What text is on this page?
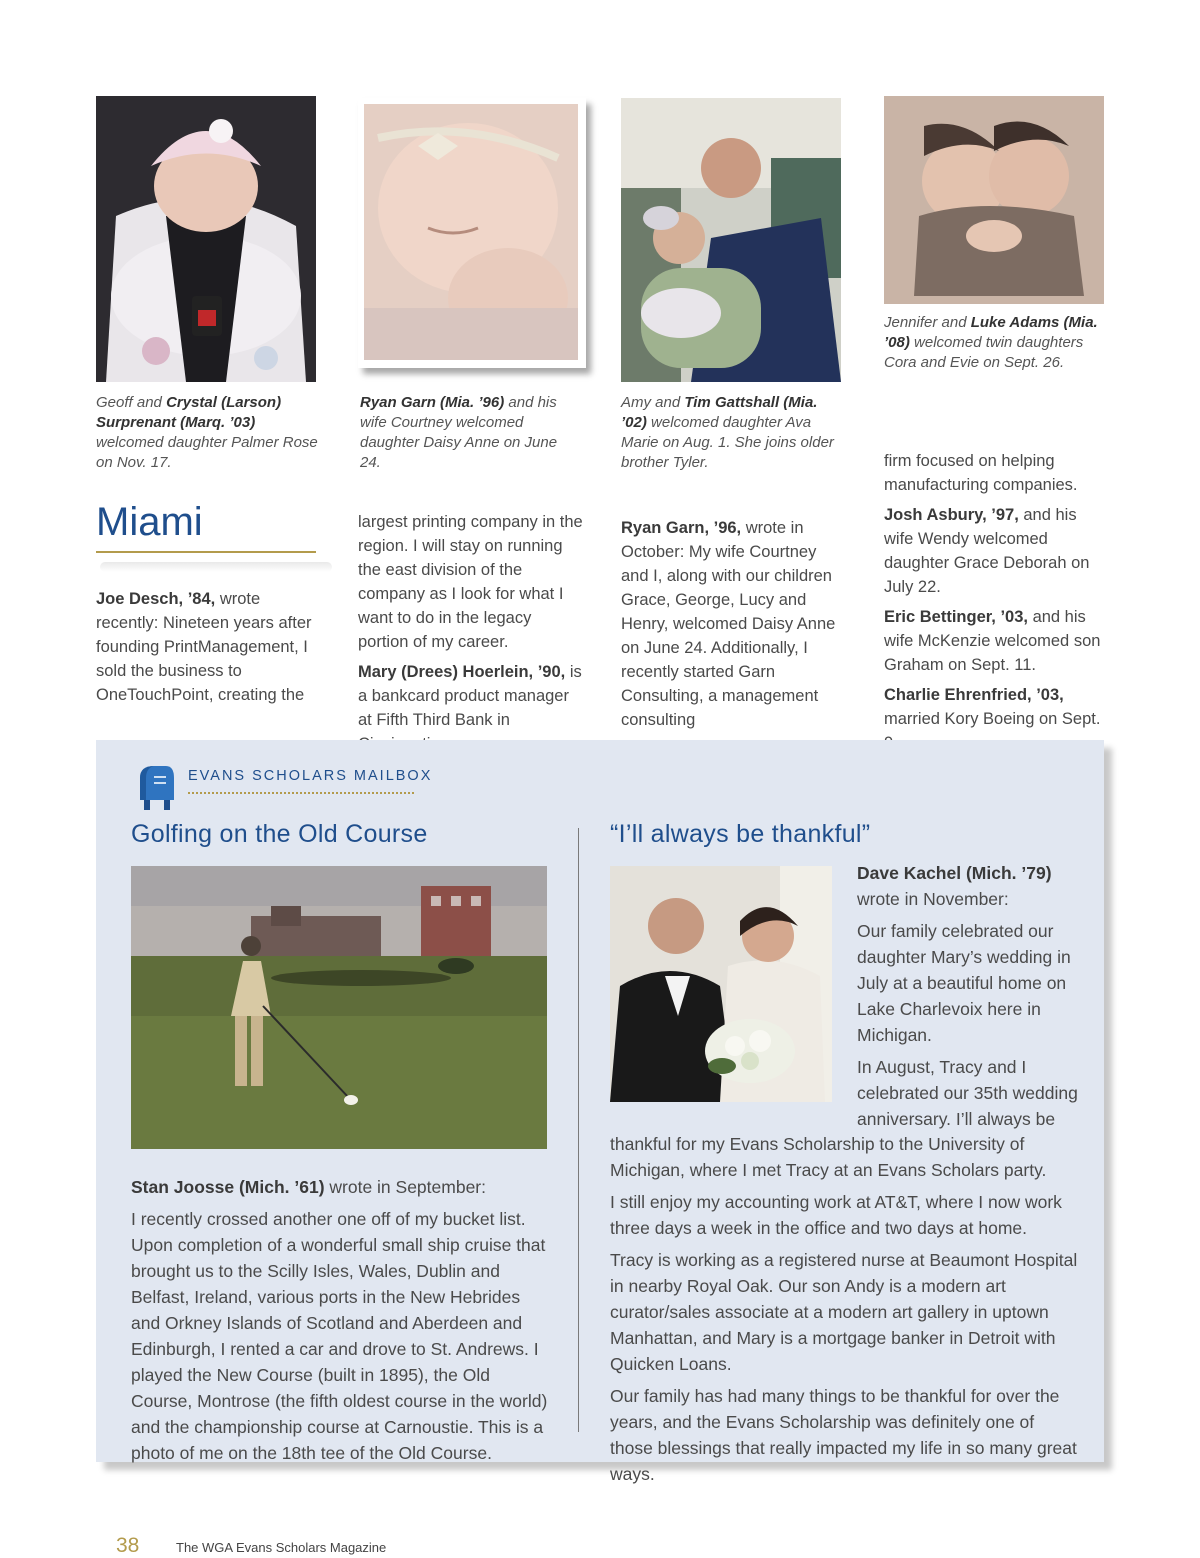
Geoff and Crystal (Larson) Surprenant (Marq. ’03) welcomed daughter Palmer Rose on Nov. 17.
Ryan Garn (Mia. ’96) and his wife Courtney welcomed daughter Daisy Anne on June 24.
Amy and Tim Gattshall (Mia. ’02) welcomed daughter Ava Marie on Aug. 1. She joins older brother Tyler.
Jennifer and Luke Adams (Mia. ’08) welcomed twin daughters Cora and Evie on Sept. 26.
Miami

Joe Desch, ’84, wrote recently: Nineteen years after founding PrintManagement, I sold the business to OneTouchPoint, creating the

largest printing company in the region. I will stay on running the east division of the company as I look for what I want to do in the legacy portion of my career.

Mary (Drees) Hoerlein, ’90, is a bankcard product manager at Fifth Third Bank in

Ryan Garn, ’96, wrote in October: My wife Courtney and I, along with our children Grace, George, Lucy and Henry, welcomed Daisy Anne on June 24. Additionally, I recently started Garn Consulting, a management consulting

firm focused on helping manufacturing companies.

Josh Asbury, ’97, and his wife Wendy welcomed daughter Grace Deborah on July 22.

Eric Bettinger, ’03, and his wife McKenzie welcomed son Graham on Sept. 11.

Charlie Ehrenfried, ’03, married Kory Boeing on Sept.

EVANS SCHOLARS MAILBOX
Golfing on the Old Course	“I’ll always be thankful”

Stan Joosse (Mich. ’61) wrote in September:

I recently crossed another one off of my bucket list. Upon completion of a wonderful small ship cruise that brought us to the Scilly Isles, Wales, Dublin and Belfast, Ireland, various ports in the New Hebrides and Orkney Islands of Scotland and Aberdeen and Edinburgh, I rented a car and drove to St. Andrews. I played the New Course (built in 1895), the Old Course, Montrose (the fifth oldest course in the world) and the championship course at Carnoustie. This is a photo of me on the 18th tee of the Old Course.

Dave Kachel (Mich. ’79) wrote in November:

Our family celebrated our daughter Mary’s wedding in July at a beautiful home on Lake Charlevoix here in Michigan.

In August, Tracy and I celebrated our 35th wedding anniversary. I’ll always be

thankful for my Evans Scholarship to the University of Michigan, where I met Tracy at an Evans Scholars party.

I still enjoy my accounting work at AT&T, where I now work three days a week in the office and two days at home.

Tracy is working as a registered nurse at Beaumont Hospital in nearby Royal Oak. Our son Andy is a modern art curator/sales associate at a modern art gallery in uptown Manhattan, and Mary is a mortgage banker in Detroit with Quicken Loans.

Our family has had many things to be thankful for over the years, and the Evans Scholarship was definitely one of those blessings that really impacted my life in so many great ways.

38	The WGA Evans Scholars Magazine
